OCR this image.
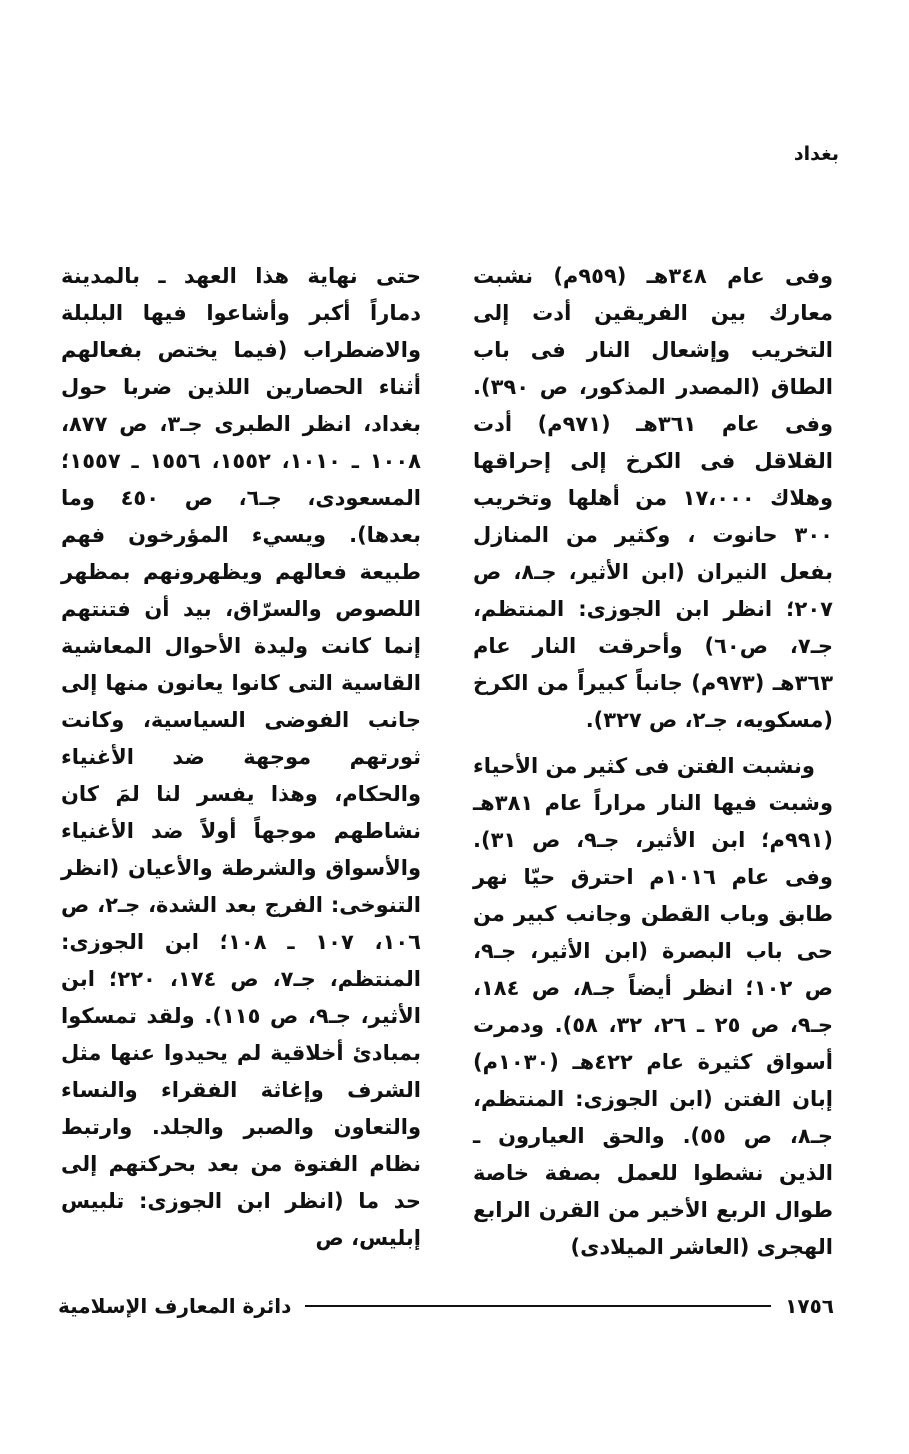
بغداد

وفى عام ٣٤٨هـ (٩٥٩م) نشبت معارك بين الفريقين أدت إلى التخريب وإشعال النار فى باب الطاق (المصدر المذكور، ص ٣٩٠). وفى عام ٣٦١هـ (٩٧١م) أدت القلاقل فى الكرخ إلى إحراقها وهلاك ١٧،٠٠٠ من أهلها وتخريب ٣٠٠ حانوت ، وكثير من المنازل بفعل النيران (ابن الأثير، جـ٨، ص ٢٠٧؛ انظر ابن الجوزى: المنتظم، جـ٧، ص٦٠) وأحرقت النار عام ٣٦٣هـ (٩٧٣م) جانباً كبيراً من الكرخ (مسكويه، جـ٢، ص ٣٢٧).

ونشبت الفتن فى كثير من الأحياء وشبت فيها النار مراراً عام ٣٨١هـ (٩٩١م؛ ابن الأثير، جـ٩، ص ٣١). وفى عام ١٠١٦م احترق حيّا نهر طابق وباب القطن وجانب كبير من حى باب البصرة (ابن الأثير، جـ٩، ص ١٠٢؛ انظر أيضاً جـ٨، ص ١٨٤، جـ٩، ص ٢٥ ـ ٢٦، ٣٢، ٥٨). ودمرت أسواق كثيرة عام ٤٢٢هـ (١٠٣٠م) إبان الفتن (ابن الجوزى: المنتظم، جـ٨، ص ٥٥). والحق العيارون ـ الذين نشطوا للعمل بصفة خاصة طوال الربع الأخير من القرن الرابع الهجرى (العاشر الميلادى)

حتى نهاية هذا العهد ـ بالمدينة دماراً أكبر وأشاعوا فيها البلبلة والاضطراب (فيما يختص بفعالهم أثناء الحصارين اللذين ضربا حول بغداد، انظر الطبرى جـ٣، ص ٨٧٧، ١٠٠٨ ـ ١٠١٠، ١٥٥٢، ١٥٥٦ ـ ١٥٥٧؛ المسعودى، جـ٦، ص ٤٥٠ وما بعدها). ويسيء المؤرخون فهم طبيعة فعالهم ويظهرونهم بمظهر اللصوص والسرّاق، بيد أن فتنتهم إنما كانت وليدة الأحوال المعاشية القاسية التى كانوا يعانون منها إلى جانب الفوضى السياسية، وكانت ثورتهم موجهة ضد الأغنياء والحكام، وهذا يفسر لنا لمَ كان نشاطهم موجهاً أولاً ضد الأغنياء والأسواق والشرطة والأعيان (انظر التنوخى: الفرج بعد الشدة، جـ٢، ص ١٠٦، ١٠٧ ـ ١٠٨؛ ابن الجوزى: المنتظم، جـ٧، ص ١٧٤، ٢٢٠؛ ابن الأثير، جـ٩، ص ١١٥). ولقد تمسكوا بمبادئ أخلاقية لم يحيدوا عنها مثل الشرف وإغاثة الفقراء والنساء والتعاون والصبر والجلد. وارتبط نظام الفتوة من بعد بحركتهم إلى حد ما (انظر ابن الجوزى: تلبيس إبليس، ص

دائرة المعارف الإسلامية	١٧٥٦
